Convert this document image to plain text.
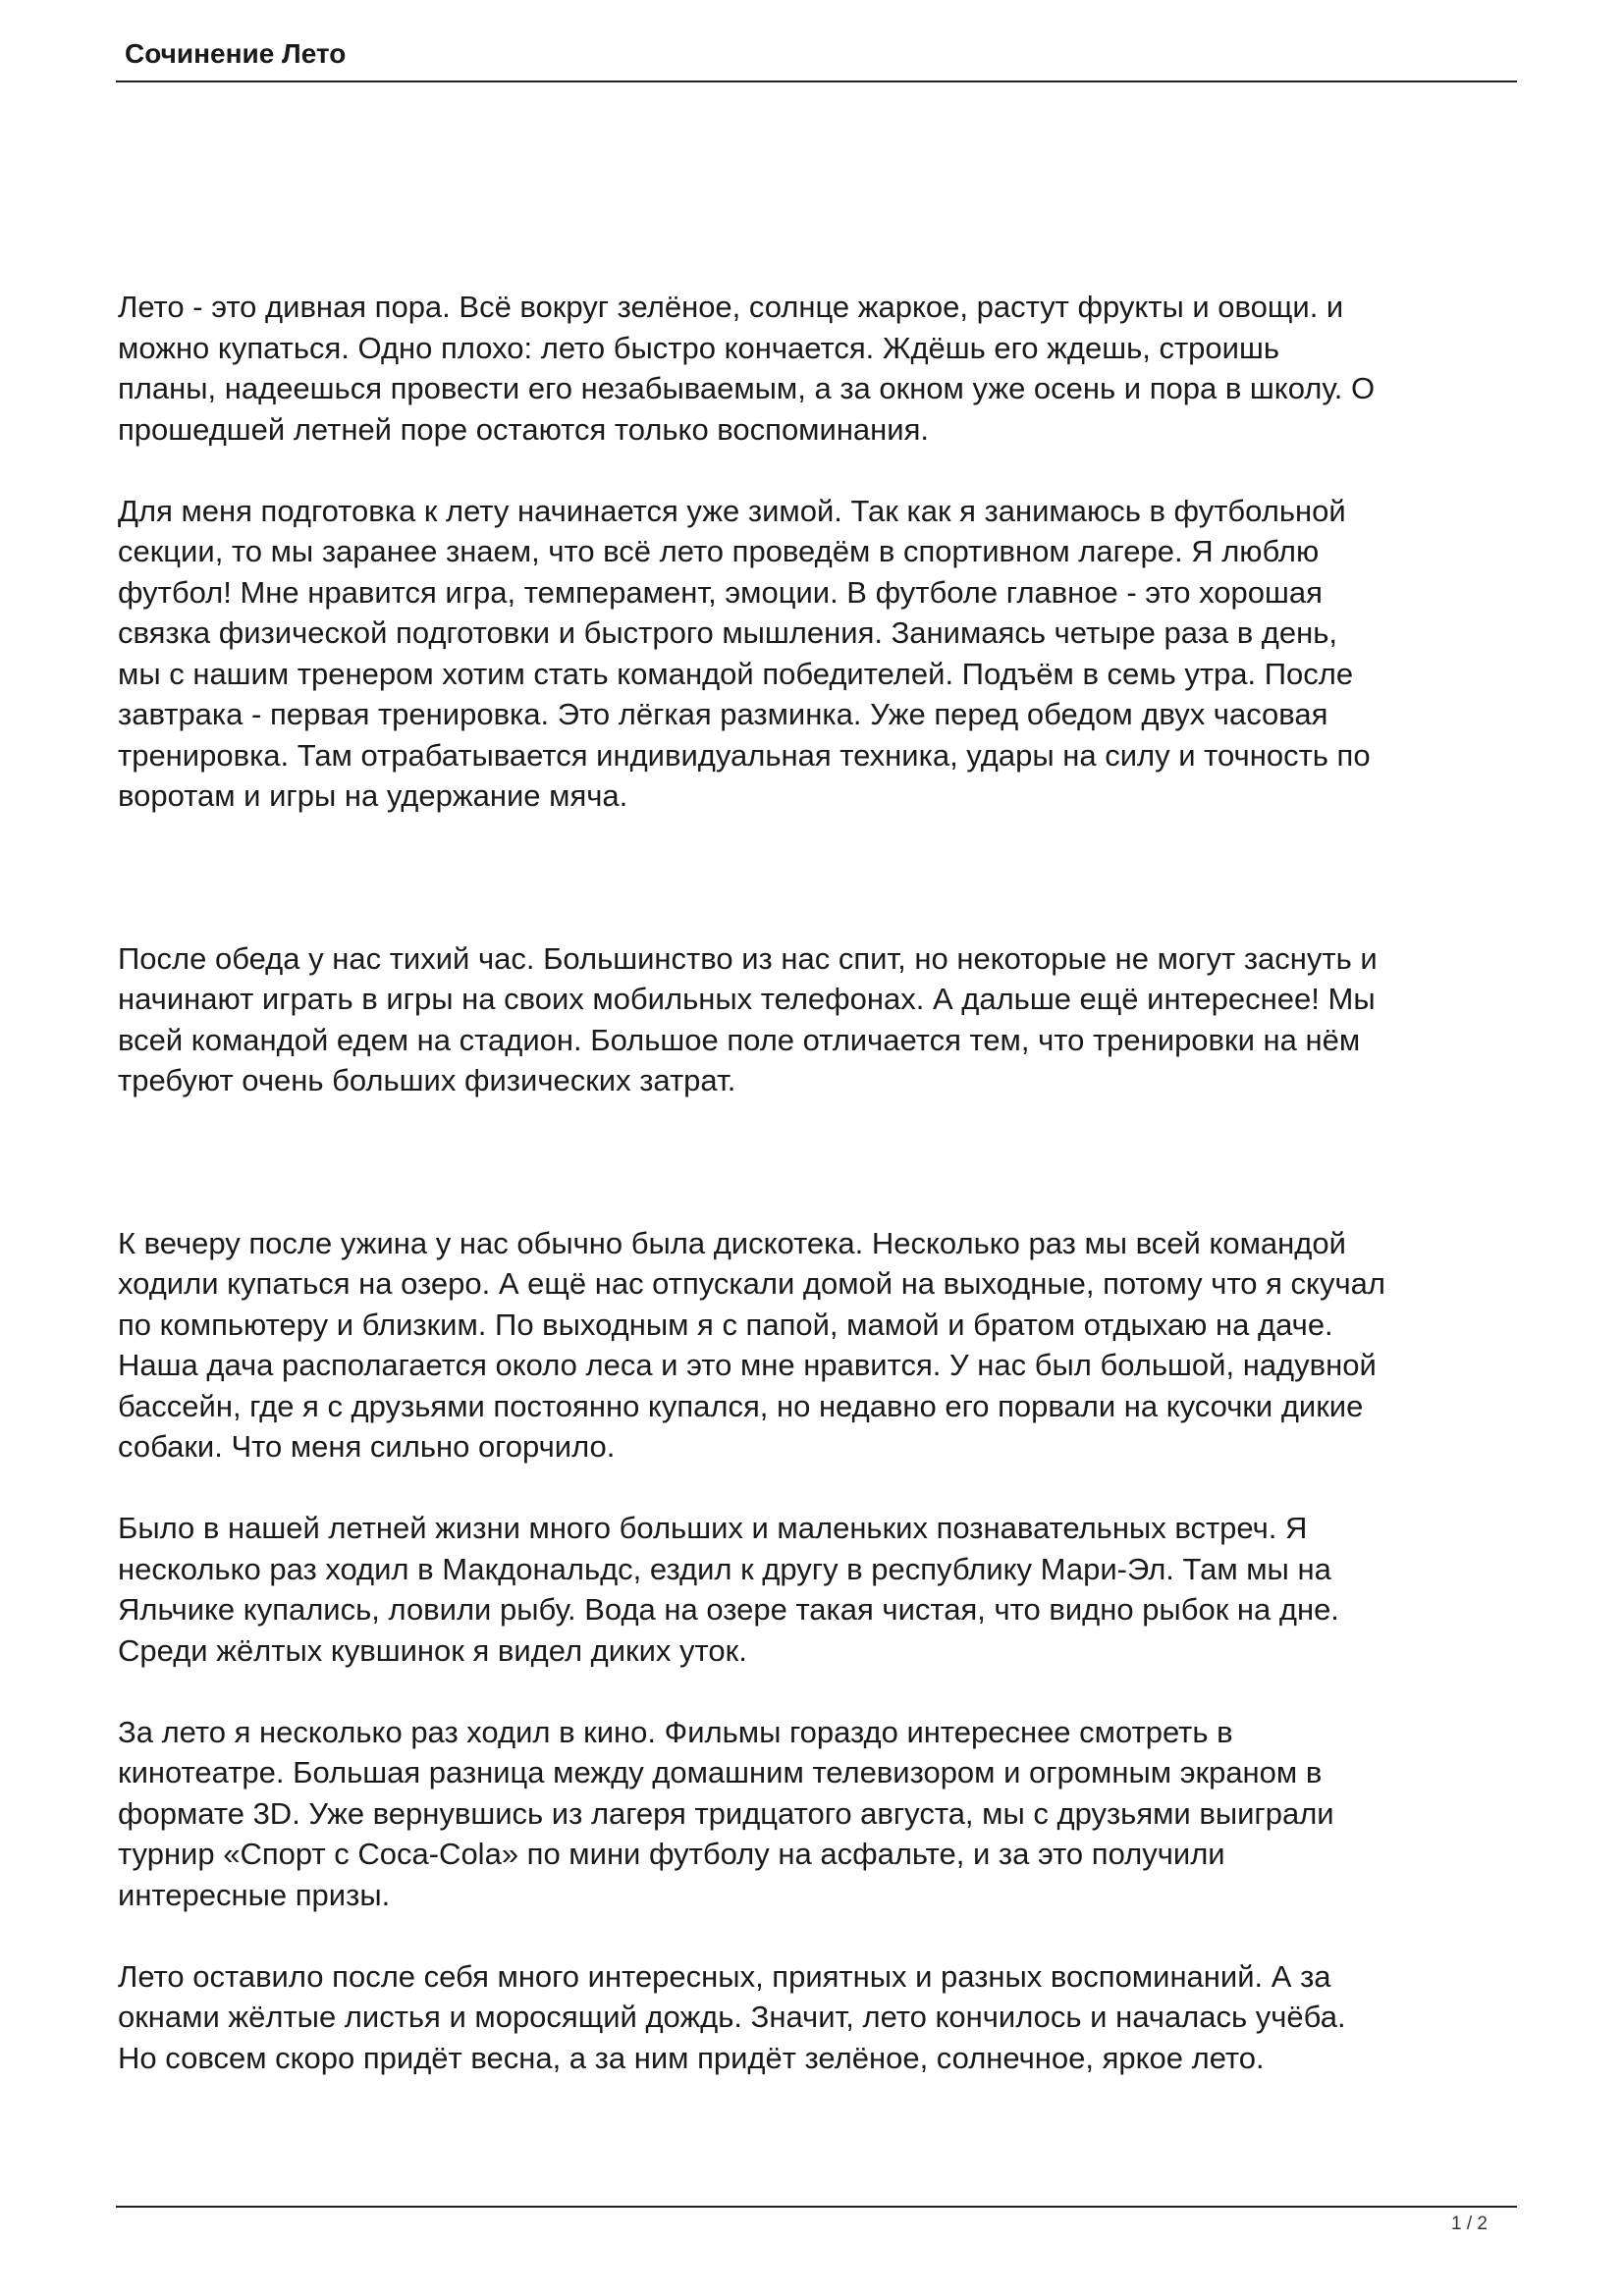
Сочинение Лето

Лето - это дивная пора. Всё вокруг зелёное, солнце жаркое, растут фрукты и овощи. и
можно купаться. Одно плохо: лето быстро кончается. Ждёшь его ждешь, строишь
планы, надеешься провести его незабываемым, а за окном уже осень и пора в школу. О
прошедшей летней поре остаются только воспоминания.

Для меня подготовка к лету начинается уже зимой. Так как я занимаюсь в футбольной
секции, то мы заранее знаем, что всё лето проведём в спортивном лагере. Я люблю
футбол! Мне нравится игра, темперамент, эмоции. В футболе главное - это хорошая
связка физической подготовки и быстрого мышления. Занимаясь четыре раза в день,
мы с нашим тренером хотим стать командой победителей. Подъём в семь утра. После
завтрака - первая тренировка. Это лёгкая разминка. Уже перед обедом двух часовая
тренировка. Там отрабатывается индивидуальная техника, удары на силу и точность по
воротам и игры на удержание мяча.

После обеда у нас тихий час. Большинство из нас спит, но некоторые не могут заснуть и
начинают играть в игры на своих мобильных телефонах. А дальше ещё интереснее! Мы
всей командой едем на стадион. Большое поле отличается тем, что тренировки на нём
требуют очень больших физических затрат.

К вечеру после ужина у нас обычно была дискотека. Несколько раз мы всей командой
ходили купаться на озеро. А ещё нас отпускали домой на выходные, потому что я скучал
по компьютеру и близким. По выходным я с папой, мамой и братом отдыхаю на даче.
Наша дача располагается около леса и это мне нравится. У нас был большой, надувной
бассейн, где я с друзьями постоянно купался, но недавно его порвали на кусочки дикие
собаки. Что меня сильно огорчило.

Было в нашей летней жизни много больших и маленьких познавательных встреч. Я
несколько раз ходил в Макдональдс, ездил к другу в республику Мари-Эл. Там мы на
Яльчике купались, ловили рыбу. Вода на озере такая чистая, что видно рыбок на дне.
Среди жёлтых кувшинок я видел диких уток.

За лето я несколько раз ходил в кино. Фильмы гораздо интереснее смотреть в
кинотеатре. Большая разница между домашним телевизором и огромным экраном в
формате 3D. Уже вернувшись из лагеря тридцатого августа, мы с друзьями выиграли
турнир «Спорт с Coca-Cola» по мини футболу на асфальте, и за это получили
интересные призы.

Лето оставило после себя много интересных, приятных и разных воспоминаний. А за
окнами жёлтые листья и моросящий дождь. Значит, лето кончилось и началась учёба.
Но совсем скоро придёт весна, а за ним придёт зелёное, солнечное, яркое лето.

1 / 2
